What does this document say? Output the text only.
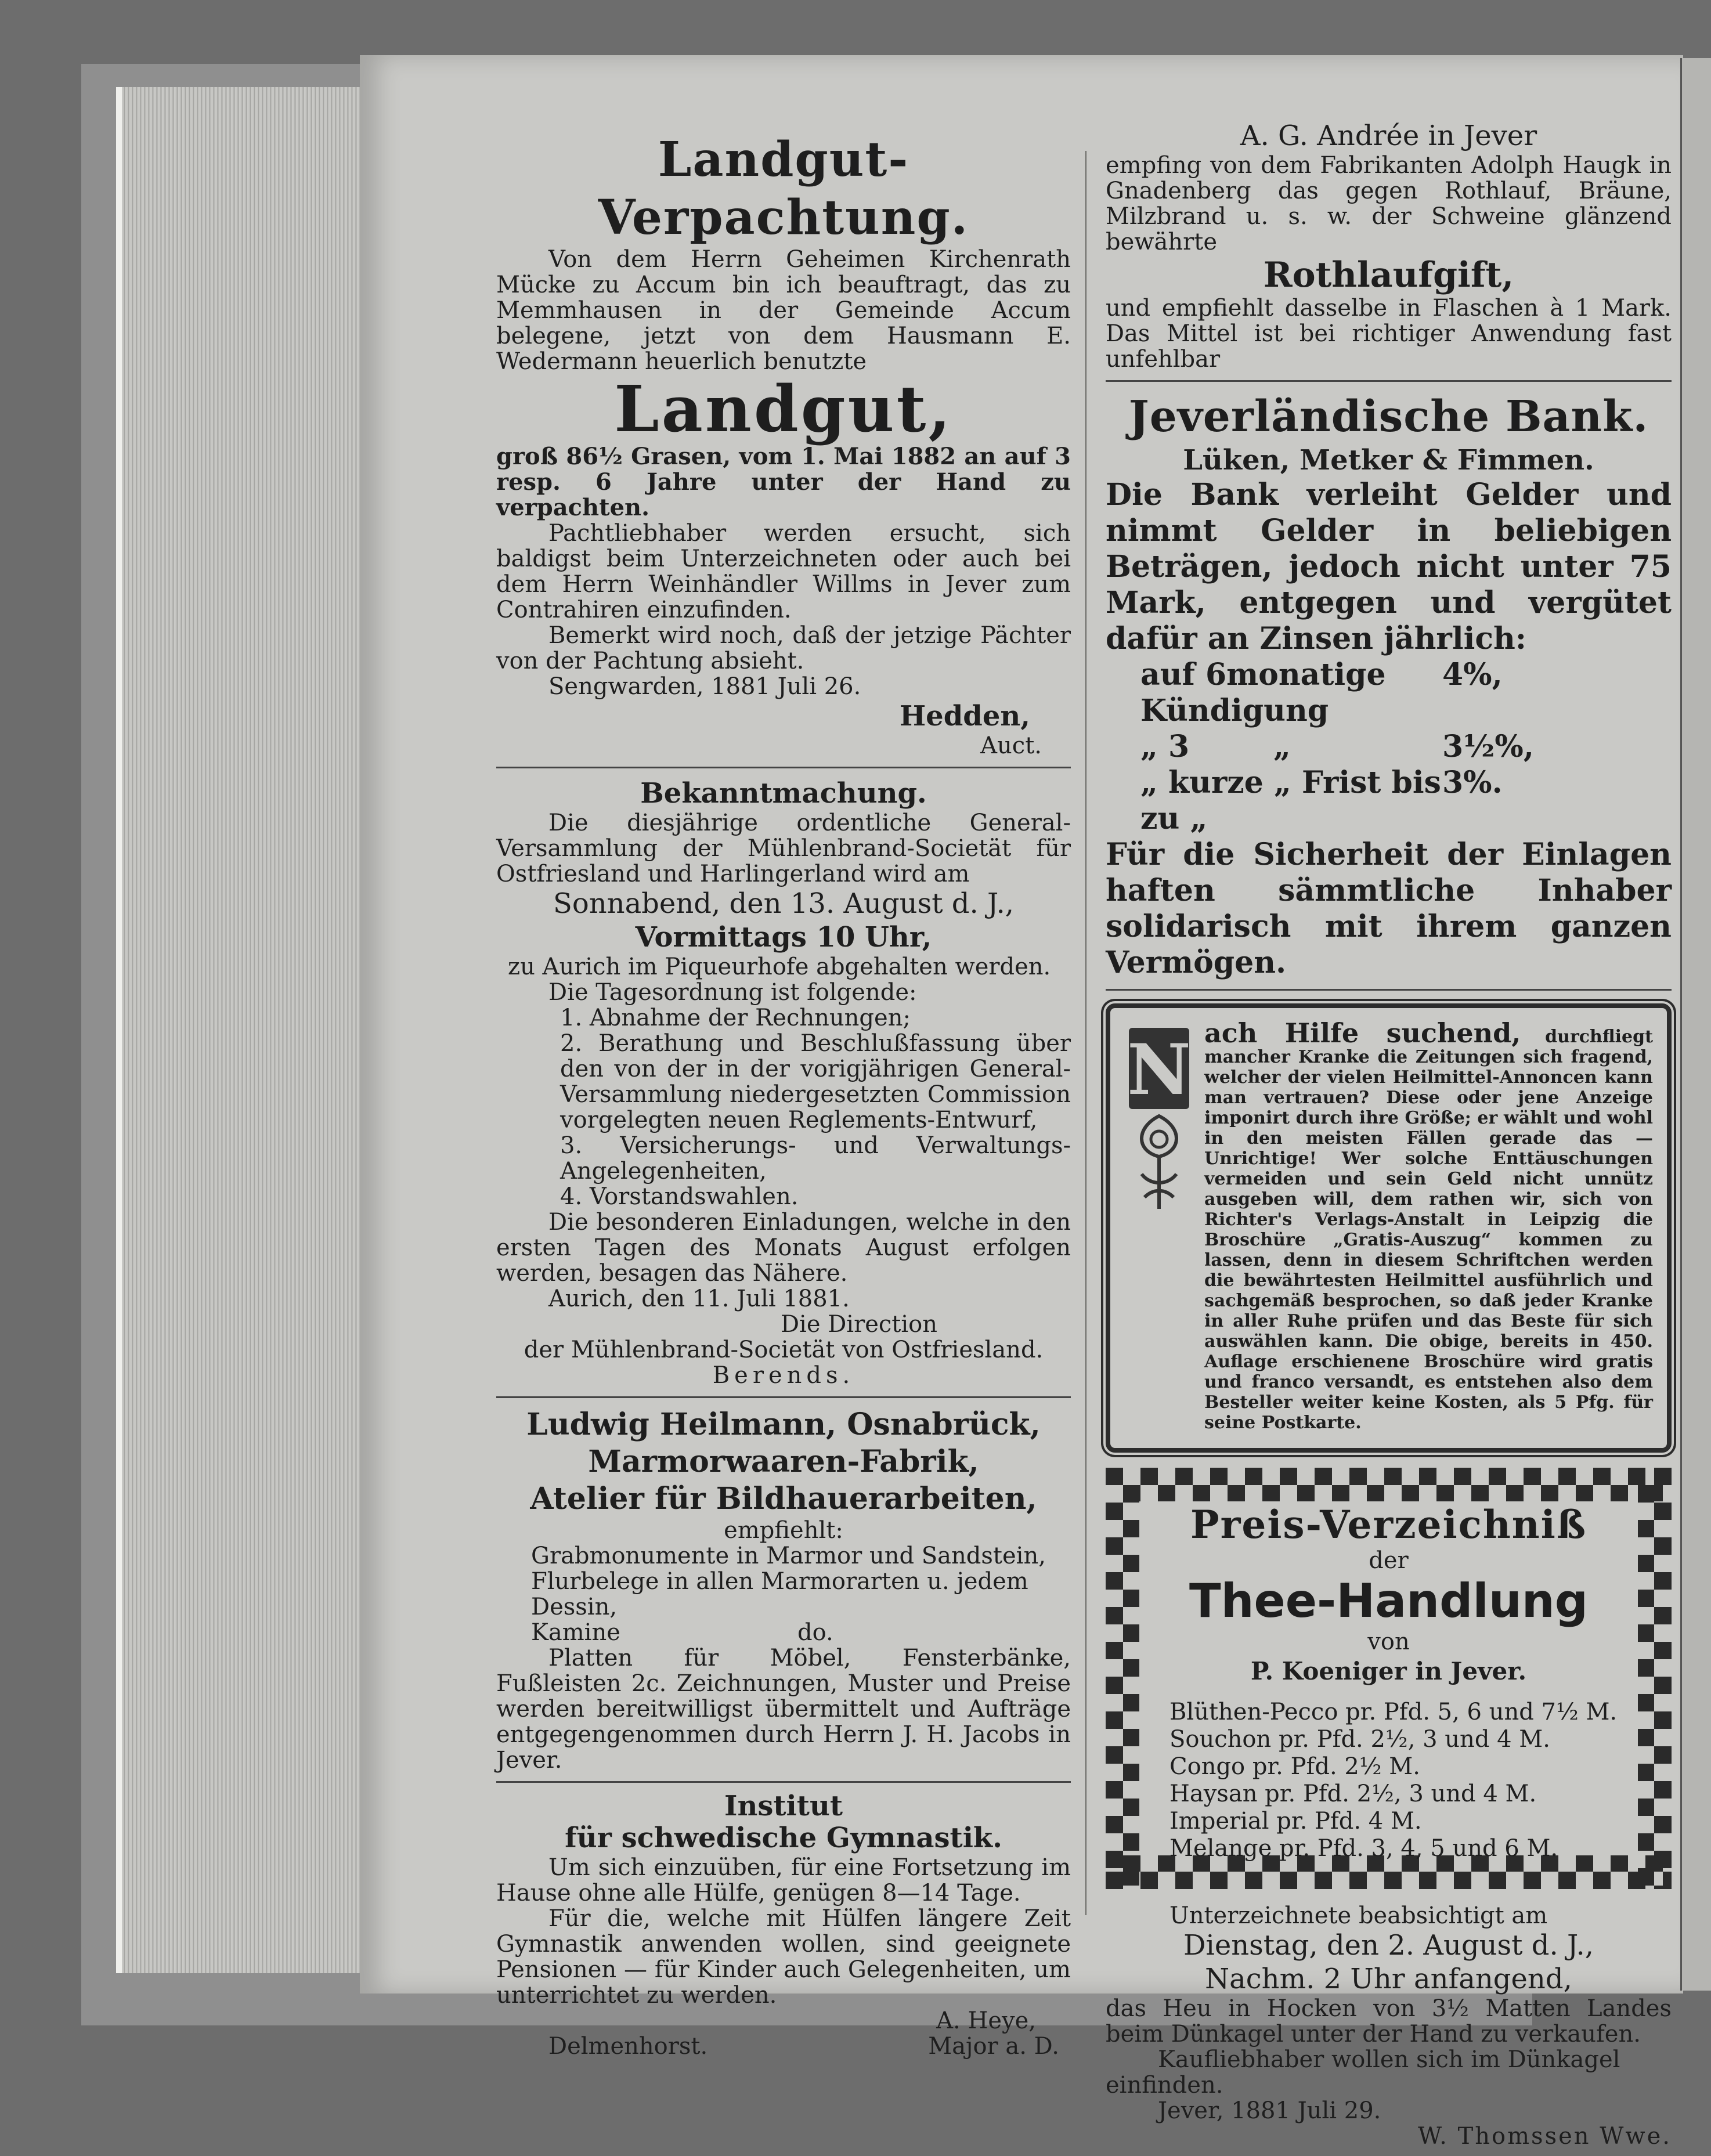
Landgut-Verpachtung.

Von dem Herrn Geheimen Kirchenrath Mücke zu Accum bin ich beauftragt, das zu Memmhausen in der Gemeinde Accum belegene, jetzt von dem Hausmann E. Wedermann heuerlich benutzte

Landgut,

groß 86½ Grasen, vom 1. Mai 1882 an auf 3 resp. 6 Jahre unter der Hand zu verpachten.

Pachtliebhaber werden ersucht, sich baldigst beim Unterzeichneten oder auch bei dem Herrn Weinhändler Willms in Jever zum Contrahiren einzufinden.

Bemerkt wird noch, daß der jetzige Pächter von der Pachtung absieht.

Sengwarden, 1881 Juli 26.

Hedden,

Auct.

Bekanntmachung.

Die diesjährige ordentliche General-Versammlung der Mühlenbrand-Societät für Ostfriesland und Harlingerland wird am

Sonnabend, den 13. August d. J.,
Vormittags 10 Uhr,

zu Aurich im Piqueurhofe abgehalten werden.

Die Tagesordnung ist folgende:

1. Abnahme der Rechnungen;

2. Berathung und Beschlußfassung über den von der in der vorigjährigen General-Versammlung niedergesetzten Commission vorgelegten neuen Reglements-Entwurf,

3. Versicherungs- und Verwaltungs-Angelegenheiten,

4. Vorstandswahlen.

Die besonderen Einladungen, welche in den ersten Tagen des Monats August erfolgen werden, besagen das Nähere.

Aurich, den 11. Juli 1881.

Die Direction

der Mühlenbrand-Societät von Ostfriesland.

Berends.

Ludwig Heilmann, Osnabrück,
Marmorwaaren-Fabrik,
Atelier für Bildhauerarbeiten,

empfiehlt:

Grabmonumente in Marmor und Sandstein,

Flurbelege in allen Marmorarten u. jedem Dessin,

Kamine                        do.

Platten für Möbel, Fensterbänke, Fußleisten 2c. Zeichnungen, Muster und Preise werden bereitwilligst übermittelt und Aufträge entgegengenommen durch Herrn J. H. Jacobs in Jever.

Institut
für schwedische Gymnastik.

Um sich einzuüben, für eine Fortsetzung im Hause ohne alle Hülfe, genügen 8—14 Tage.

Für die, welche mit Hülfen längere Zeit Gymnastik anwenden wollen, sind geeignete Pensionen — für Kinder auch Gelegenheiten, um unterrichtet zu werden.

A. Heye,

Delmenhorst.	Major a. D.
A. G. Andrée in Jever

empfing von dem Fabrikanten Adolph Haugk in Gnadenberg das gegen Rothlauf, Bräune, Milzbrand u. s. w. der Schweine glänzend bewährte

Rothlaufgift,

und empfiehlt dasselbe in Flaschen à 1 Mark. Das Mittel ist bei richtiger Anwendung fast unfehlbar

Jeverländische Bank.
Lüken, Metker & Fimmen.

Die Bank verleiht Gelder und nimmt Gelder in beliebigen Beträgen, jedoch nicht unter 75 Mark, entgegen und vergütet dafür an Zinsen jährlich:

auf 6monatige Kündigung
4%,
„ 3        „	3½%,
„ kurze „ Frist bis zu „
3%.

Für die Sicherheit der Einlagen haften sämmtliche Inhaber solidarisch mit ihrem ganzen Vermögen.

N ach Hilfe suchend, durchfliegt mancher Kranke die Zeitungen sich fragend, welcher der vielen Heilmittel-Annoncen kann man vertrauen? Diese oder jene Anzeige imponirt durch ihre Größe; er wählt und wohl in den meisten Fällen gerade das — Unrichtige! Wer solche Enttäuschungen vermeiden und sein Geld nicht unnütz ausgeben will, dem rathen wir, sich von Richter's Verlags-Anstalt in Leipzig die Broschüre „Gratis-Auszug“ kommen zu lassen, denn in diesem Schriftchen werden die bewährtesten Heilmittel ausführlich und sachgemäß besprochen, so daß jeder Kranke in aller Ruhe prüfen und das Beste für sich auswählen kann. Die obige, bereits in 450. Auflage erschienene Broschüre wird gratis und franco versandt, es entstehen also dem Besteller weiter keine Kosten, als 5 Pfg. für seine Postkarte.
Preis-Verzeichniß

der

Thee-Handlung

von

P. Koeniger in Jever.

Blüthen-Pecco pr. Pfd. 5, 6 und 7½ M.

Souchon pr. Pfd. 2½, 3 und 4 M.

Congo pr. Pfd. 2½ M.

Haysan pr. Pfd. 2½, 3 und 4 M.

Imperial pr. Pfd. 4 M.

Melange pr. Pfd. 3, 4, 5 und 6 M.

Unterzeichnete beabsichtigt am

Dienstag, den 2. August d. J.,
Nachm. 2 Uhr anfangend,

das Heu in Hocken von 3½ Matten Landes beim Dünkagel unter der Hand zu verkaufen.

Kaufliebhaber wollen sich im Dünkagel einfinden.

Jever, 1881 Juli 29.

W. Thomssen Wwe.
